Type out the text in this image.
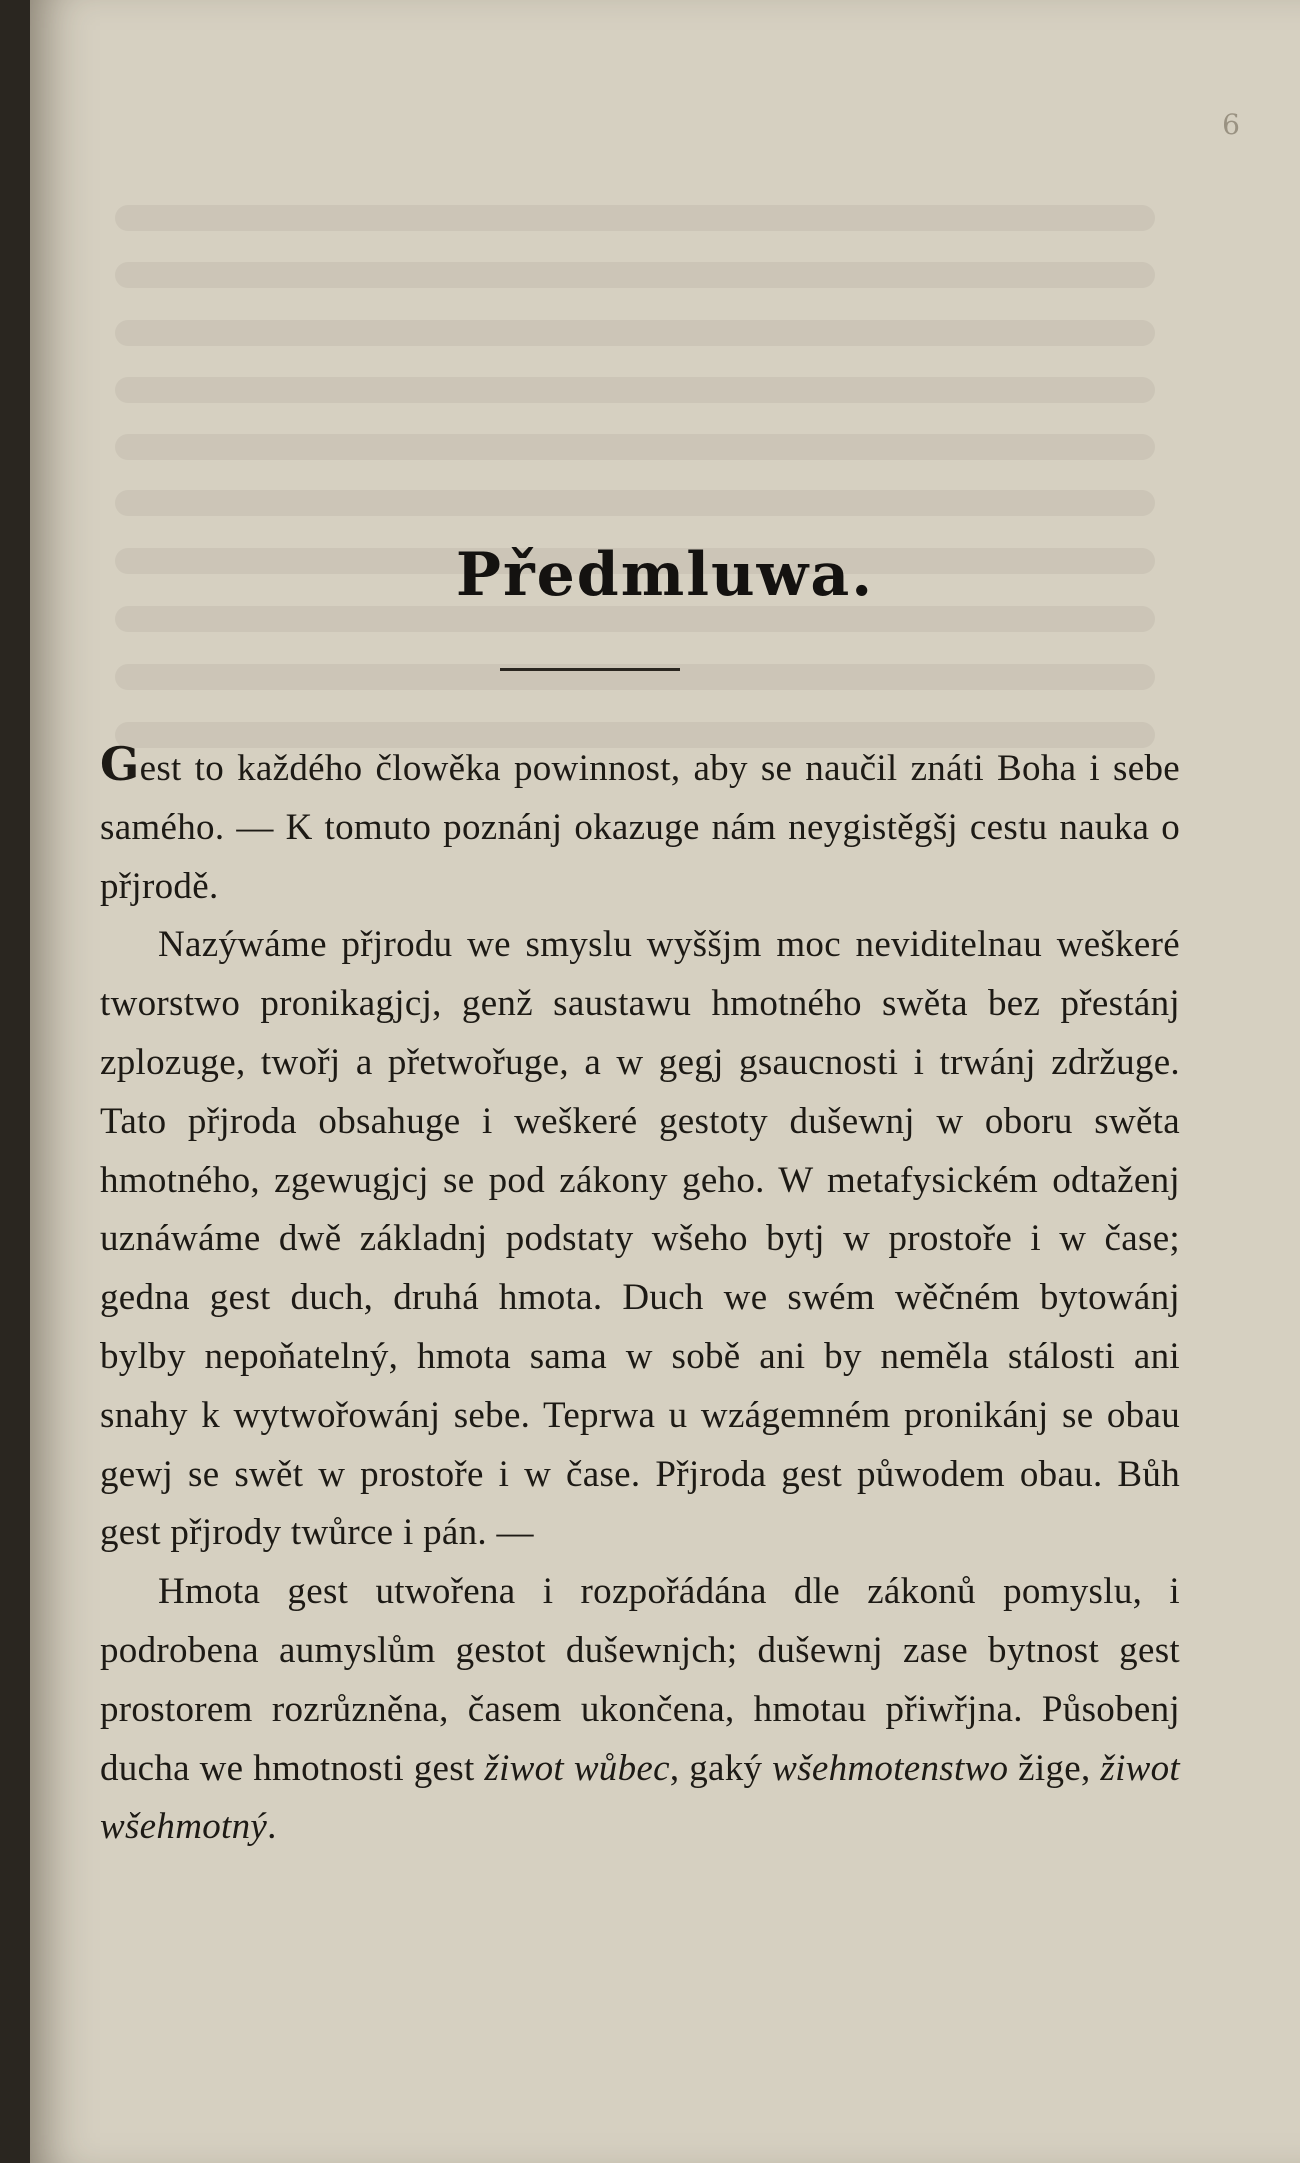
6
Předmluwa.

Gest to každého člowěka powinnost, aby se naučil znáti Boha i sebe samého. — K tomuto poznánj okazuge nám neygistěgšj cestu nauka o přjrodě.

Nazýwáme přjrodu we smyslu wyššjm moc neviditelnau weškeré tworstwo pronikagjcj, genž saustawu hmotného swěta bez přestánj zplozuge, twořj a přetwořuge, a w gegj gsaucnosti i trwánj zdržuge. Tato přjroda obsahuge i weškeré gestoty dušewnj w oboru swěta hmotného, zgewugjcj se pod zákony geho. W metafysickém odtaženj uznáwáme dwě základnj podstaty wšeho bytj w prostoře i w čase; gedna gest duch, druhá hmota. Duch we swém wěčném bytowánj bylby nepoňatelný, hmota sama w sobě ani by neměla stálosti ani snahy k wytwořowánj sebe. Teprwa u wzágemném pronikánj se obau gewj se swět w prostoře i w čase. Přjroda gest půwodem obau. Bůh gest přjrody twůrce i pán. —

Hmota gest utwořena i rozpořádána dle zákonů pomyslu, i podrobena aumyslům gestot dušewnjch; dušewnj zase bytnost gest prostorem rozrůzněna, časem ukončena, hmotau přiwřjna. Působenj ducha we hmotnosti gest žiwot wůbec, gaký wšehmotenstwo žige, žiwot wšehmotný.
